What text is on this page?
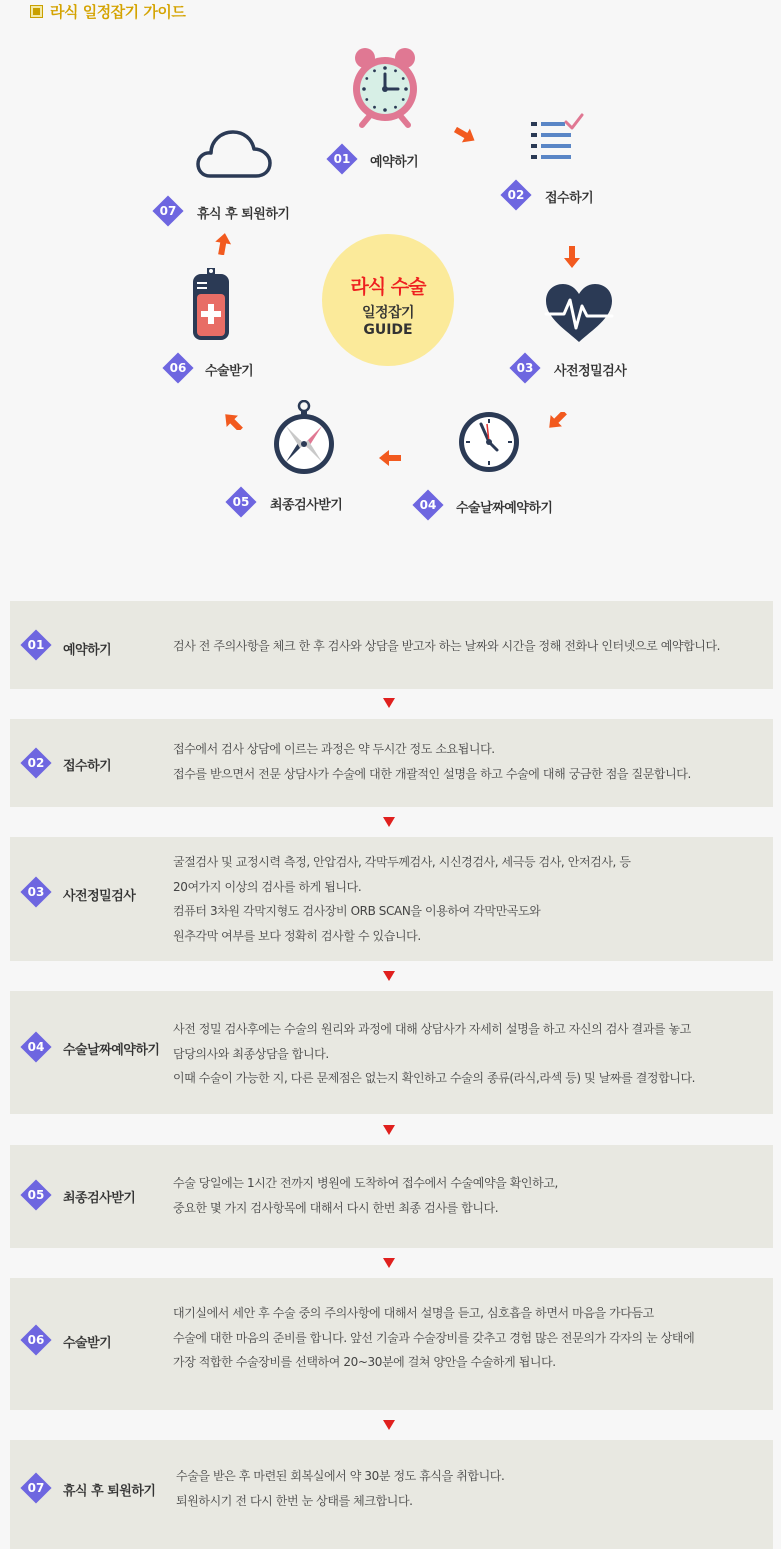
라식 일정잡기 가이드
라식 수술
일정잡기
GUIDE
01	예약하기
02	접수하기
03	사전정밀검사
04	수술날짜예약하기
05	최종검사받기
06	수술받기
07	휴식 후 퇴원하기
01	예약하기	검사 전 주의사항을 체크 한 후 검사와 상담을 받고자 하는 날짜와 시간을 정해 전화나 인터넷으로 예약합니다.
02	접수하기
접수에서 검사 상담에 이르는 과정은 약 두시간 정도 소요됩니다.
접수를 받으면서 전문 상담사가 수술에 대한 개괄적인 설명을 하고 수술에 대해 궁금한 점을 질문합니다.
03	사전정밀검사
굴절검사 및 교정시력 측정, 안압검사, 각막두께검사, 시신경검사, 세극등 검사, 안저검사, 등
20여가지 이상의 검사를 하게 됩니다.
컴퓨터 3차원 각막지형도 검사장비 ORB SCAN을 이용하여 각막만곡도와
원추각막 여부를 보다 정확히 검사할 수 있습니다.
04	수술날짜예약하기
사전 정밀 검사후에는 수술의 원리와 과정에 대해 상담사가 자세히 설명을 하고 자신의 검사 결과를 놓고
담당의사와 최종상담을 합니다.
이때 수술이 가능한 지, 다른 문제점은 없는지 확인하고 수술의 종류(라식,라섹 등) 및 날짜를 결정합니다.
05	최종검사받기
수술 당일에는 1시간 전까지 병원에 도착하여 접수에서 수술예약을 확인하고,
중요한 몇 가지 검사항목에 대해서 다시 한번 최종 검사를 합니다.
06	수술받기
대기실에서 세안 후 수술 중의 주의사항에 대해서 설명을 듣고, 심호흡을 하면서 마음을 가다듬고
수술에 대한 마음의 준비를 합니다. 앞선 기술과 수술장비를 갖추고 경험 많은 전문의가 각자의 눈 상태에
가장 적합한 수술장비를 선택하여 20~30분에 걸쳐 양안을 수술하게 됩니다.
07	휴식 후 퇴원하기
수술을 받은 후 마련된 회복실에서 약 30분 정도 휴식을 취합니다.
퇴원하시기 전 다시 한번 눈 상태를 체크합니다.
